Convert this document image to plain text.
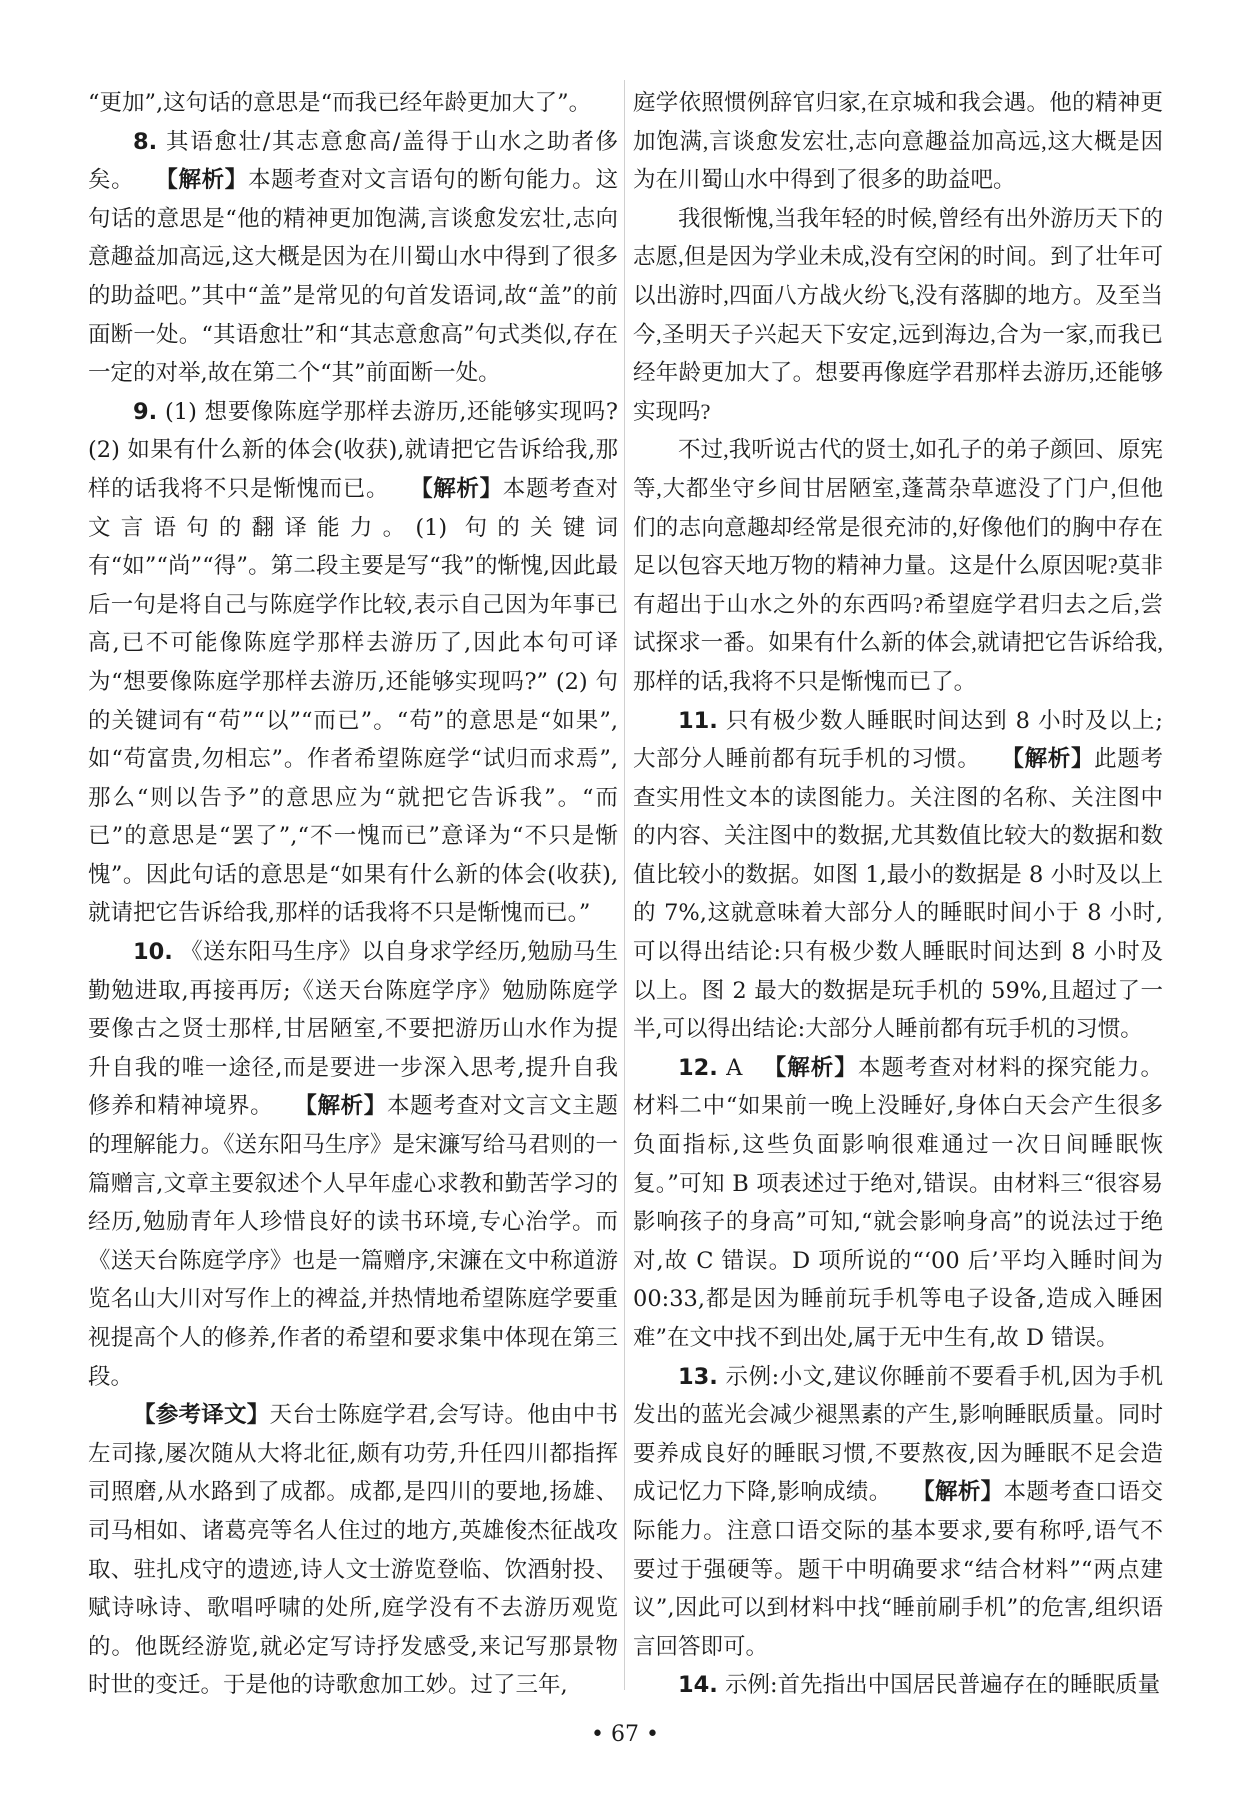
“更加”,这句话的意思是“而我已经年龄更加大了”。

8. 其语愈壮/其志意愈高/盖得于山水之助者侈矣。 【 解析 】 本题考查对文言语句的断句能力。这句话的意思是“他的精神更加饱满,言谈愈发宏壮,志向意趣益加高远,这大概是因为在川蜀山水中得到了很多的助益吧。”其中“盖”是常见的句首发语词,故“盖”的前面断一处。“其语愈壮”和“其志意愈高”句式类似,存在一定的对举,故在第二个“其”前面断一处。

9. (1) 想要像陈庭学那样去游历,还能够实现吗?(2) 如果有什么新的体会(收获),就请把它告诉给我,那样的话我将不只是惭愧而已。 【 解析 】 本题考查对文言语句的翻译能力。(1) 句的关键词有“如”“尚”“得”。第二段主要是写“我”的惭愧,因此最后一句是将自己与陈庭学作比较,表示自己因为年事已高,已不可能像陈庭学那样去游历了,因此本句可译为“想要像陈庭学那样去游历,还能够实现吗?” (2) 句的关键词有“苟”“以”“而已”。“苟”的意思是“如果”,如“苟富贵,勿相忘”。作者希望陈庭学“试归而求焉”,那么“则以告予”的意思应为“就把它告诉我”。“而已”的意思是“罢了”,“不一愧而已”意译为“不只是惭愧”。因此句话的意思是“如果有什么新的体会(收获),就请把它告诉给我,那样的话我将不只是惭愧而已。”

10. 《送东阳马生序》以自身求学经历,勉励马生勤勉进取,再接再厉;《送天台陈庭学序》勉励陈庭学要像古之贤士那样,甘居陋室,不要把游历山水作为提升自我的唯一途径,而是要进一步深入思考,提升自我修养和精神境界。 【 解析 】 本题考查对文言文主题的理解能力。《送东阳马生序》是宋濂写给马君则的一篇赠言,文章主要叙述个人早年虚心求教和勤苦学习的经历,勉励青年人珍惜良好的读书环境,专心治学。而《送天台陈庭学序》也是一篇赠序,宋濂在文中称道游览名山大川对写作上的裨益,并热情地希望陈庭学要重视提高个人的修养,作者的希望和要求集中体现在第三段。

【 参考译文 】 天台士陈庭学君,会写诗。他由中书左司掾,屡次随从大将北征,颇有功劳,升任四川都指挥司照磨,从水路到了成都。成都,是四川的要地,扬雄、司马相如、诸葛亮等名人住过的地方,英雄俊杰征战攻取、驻扎戍守的遗迹,诗人文士游览登临、饮酒射投、赋诗咏诗、歌唱呼啸的处所,庭学没有不去游历观览的。他既经游览,就必定写诗抒发感受,来记写那景物时世的变迁。于是他的诗歌愈加工妙。过了三年,

庭学依照惯例辞官归家,在京城和我会遇。他的精神更加饱满,言谈愈发宏壮,志向意趣益加高远,这大概是因为在川蜀山水中得到了很多的助益吧。

我很惭愧,当我年轻的时候,曾经有出外游历天下的志愿,但是因为学业未成,没有空闲的时间。到了壮年可以出游时,四面八方战火纷飞,没有落脚的地方。及至当今,圣明天子兴起天下安定,远到海边,合为一家,而我已经年龄更加大了。想要再像庭学君那样去游历,还能够实现吗?

不过,我听说古代的贤士,如孔子的弟子颜回、原宪等,大都坐守乡间甘居陋室,蓬蒿杂草遮没了门户,但他们的志向意趣却经常是很充沛的,好像他们的胸中存在足以包容天地万物的精神力量。这是什么原因呢?莫非有超出于山水之外的东西吗?希望庭学君归去之后,尝试探求一番。如果有什么新的体会,就请把它告诉给我,那样的话,我将不只是惭愧而已了。

11. 只有极少数人睡眠时间达到 8 小时及以上;大部分人睡前都有玩手机的习惯。 【 解析 】 此题考查实用性文本的读图能力。关注图的名称、关注图中的内容、关注图中的数据,尤其数值比较大的数据和数值比较小的数据。如图 1,最小的数据是 8 小时及以上的 7%,这就意味着大部分人的睡眠时间小于 8 小时,可以得出结论:只有极少数人睡眠时间达到 8 小时及以上。图 2 最大的数据是玩手机的 59%,且超过了一半,可以得出结论:大部分人睡前都有玩手机的习惯。

12. A 【 解析 】 本题考查对材料的探究能力。材料二中“如果前一晚上没睡好,身体白天会产生很多负面指标,这些负面影响很难通过一次日间睡眠恢复。”可知 B 项表述过于绝对,错误。由材料三“很容易影响孩子的身高”可知,“就会影响身高”的说法过于绝对,故 C 错误。D 项所说的“‘00 后’平均入睡时间为 00:33,都是因为睡前玩手机等电子设备,造成入睡困难”在文中找不到出处,属于无中生有,故 D 错误。

13. 示例:小文,建议你睡前不要看手机,因为手机发出的蓝光会减少褪黑素的产生,影响睡眠质量。同时要养成良好的睡眠习惯,不要熬夜,因为睡眠不足会造成记忆力下降,影响成绩。 【 解析 】 本题考查口语交际能力。注意口语交际的基本要求,要有称呼,语气不要过于强硬等。题干中明确要求“结合材料”“两点建议”,因此可以到材料中找“睡前刷手机”的危害,组织语言回答即可。

14. 示例:首先指出中国居民普遍存在的睡眠质量

• 67 •
